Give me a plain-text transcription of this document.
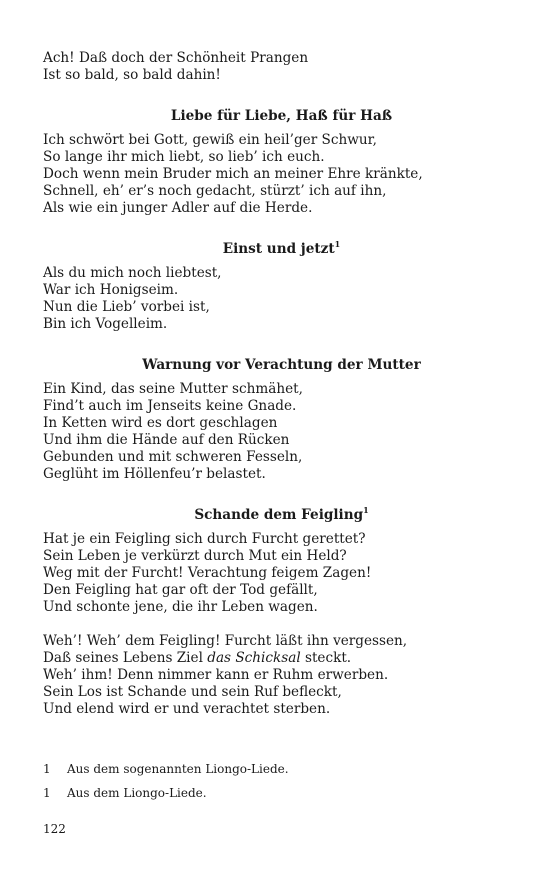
Ach! Daß doch der Schönheit Prangen
Ist so bald, so bald dahin!
Liebe für Liebe, Haß für Haß
Ich schwört bei Gott, gewiß ein heil’ger Schwur,
So lange ihr mich liebt, so lieb’ ich euch.
Doch wenn mein Bruder mich an meiner Ehre kränkte,
Schnell, eh’ er’s noch gedacht, stürzt’ ich auf ihn,
Als wie ein junger Adler auf die Herde.
Einst und jetzt$^1$
Als du mich noch liebtest,
War ich Honigseim.
Nun die Lieb’ vorbei ist,
Bin ich Vogelleim.
Warnung vor Verachtung der Mutter
Ein Kind, das seine Mutter schmähet,
Find’t auch im Jenseits keine Gnade.
In Ketten wird es dort geschlagen
Und ihm die Hände auf den Rücken
Gebunden und mit schweren Fesseln,
Geglüht im Höllenfeu’r belastet.
Schande dem Feigling$^1$
Hat je ein Feigling sich durch Furcht gerettet?
Sein Leben je verkürzt durch Mut ein Held?
Weg mit der Furcht! Verachtung feigem Zagen!
Den Feigling hat gar oft der Tod gefällt,
Und schonte jene, die ihr Leben wagen.
Weh’! Weh’ dem Feigling! Furcht läßt ihn vergessen,
Daß seines Lebens Ziel das Schicksal steckt.
Weh’ ihm! Denn nimmer kann er Ruhm erwerben.
Sein Los ist Schande und sein Ruf befleckt,
Und elend wird er und verachtet sterben.
1	Aus dem sogenannten Liongo-Liede.
1	Aus dem Liongo-Liede.
122
